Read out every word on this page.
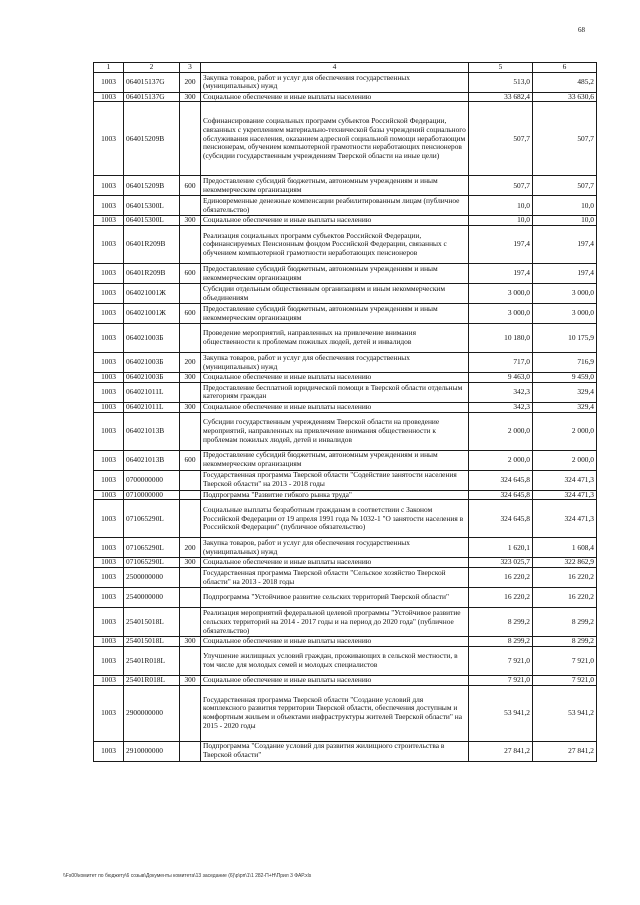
68
1	2	3	4	5	6
1003	064015137G	200	Закупка товаров, работ и услуг для обеспечения государственных (муниципальных) нужд	513,0	485,2
1003	064015137G	300	Социальное обеспечение и иные выплаты населению	33 682,4	33 630,6
1003	064015209В		Софинансирование социальных программ субъектов Российской Федерации, связанных с укреплением материально-технической базы учреждений социального обслуживания населения, оказанием адресной социальной помощи неработающим пенсионерам, обучением компьютерной грамотности неработающих пенсионеров (субсидии государственным учреждениям Тверской области на иные цели)	507,7	507,7
1003	064015209В	600	Предоставление субсидий бюджетным, автономным учреждениям и иным некоммерческим организациям	507,7	507,7
1003	064015300L		Единовременные денежные компенсации реабилитированным лицам (публичное обязательство)	10,0	10,0
1003	064015300L	300	Социальное обеспечение и иные выплаты населению	10,0	10,0
1003	06401R209В		Реализация социальных программ субъектов Российской Федерации, софинансируемых Пенсионным фондом Российской Федерации, связанных с обучением компьютерной грамотности неработающих пенсионеров	197,4	197,4
1003	06401R209В	600	Предоставление субсидий бюджетным, автономным учреждениям и иным некоммерческим организациям	197,4	197,4
1003	064021001Ж		Субсидии отдельным общественным организациям и иным некоммерческим объединениям	3 000,0	3 000,0
1003	064021001Ж	600	Предоставление субсидий бюджетным, автономным учреждениям и иным некоммерческим организациям	3 000,0	3 000,0
1003	064021003Б		Проведение мероприятий, направленных на привлечение внимания общественности к проблемам пожилых людей, детей и инвалидов	10 180,0	10 175,9
1003	064021003Б	200	Закупка товаров, работ и услуг для обеспечения государственных (муниципальных) нужд	717,0	716,9
1003	064021003Б	300	Социальное обеспечение и иные выплаты населению	9 463,0	9 459,0
1003	064021011L		Предоставление бесплатной юридической помощи в Тверской области отдельным категориям граждан	342,3	329,4
1003	064021011L	300	Социальное обеспечение и иные выплаты населению	342,3	329,4
1003	064021013В		Субсидии государственным учреждениям Тверской области на проведение мероприятий, направленных на привлечение внимания общественности к проблемам пожилых людей, детей и инвалидов	2 000,0	2 000,0
1003	064021013В	600	Предоставление субсидий бюджетным, автономным учреждениям и иным некоммерческим организациям	2 000,0	2 000,0
1003	0700000000		Государственная программа Тверской области "Содействие занятости населения Тверской области" на 2013 - 2018 годы	324 645,8	324 471,3
1003	0710000000		Подпрограмма "Развитие гибкого рынка труда"	324 645,8	324 471,3
1003	071065290L		Социальные выплаты безработным гражданам в соответствии с Законом Российской Федерации от 19 апреля 1991 года № 1032-1 "О занятости населения в Российской Федерации" (публичное обязательство)	324 645,8	324 471,3
1003	071065290L	200	Закупка товаров, работ и услуг для обеспечения государственных (муниципальных) нужд	1 620,1	1 608,4
1003	071065290L	300	Социальное обеспечение и иные выплаты населению	323 025,7	322 862,9
1003	2500000000		Государственная программа Тверской области "Сельское хозяйство Тверской области" на 2013 - 2018 годы	16 220,2	16 220,2
1003	2540000000		Подпрограмма "Устойчивое развитие сельских территорий Тверской области"	16 220,2	16 220,2
1003	254015018L		Реализация мероприятий федеральной целевой программы "Устойчивое развитие сельских территорий на 2014 - 2017 годы и на период до 2020 года" (публичное обязательство)	8 299,2	8 299,2
1003	254015018L	300	Социальное обеспечение и иные выплаты населению	8 299,2	8 299,2
1003	25401R018L		Улучшение жилищных условий граждан, проживающих в сельской местности, в том числе для молодых семей и молодых специалистов	7 921,0	7 921,0
1003	25401R018L	300	Социальное обеспечение и иные выплаты населению	7 921,0	7 921,0
1003	2900000000		Государственная программа Тверской области "Создание условий для комплексного развития территории Тверской области, обеспечения доступным и комфортным жильем и объектами инфраструктуры жителей Тверской области" на 2015 - 2020 годы	53 941,2	53 941,2
1003	2910000000		Подпрограмма "Создание условий для развития жилищного строительства в Тверской области"	27 841,2	27 841,2
\\Fs00\комитет по бюджету\6 созыв\Документы комитета\13 заседание (6)\р\рп\1\1 282-П+Н\Прил 3 ФАР.xls
